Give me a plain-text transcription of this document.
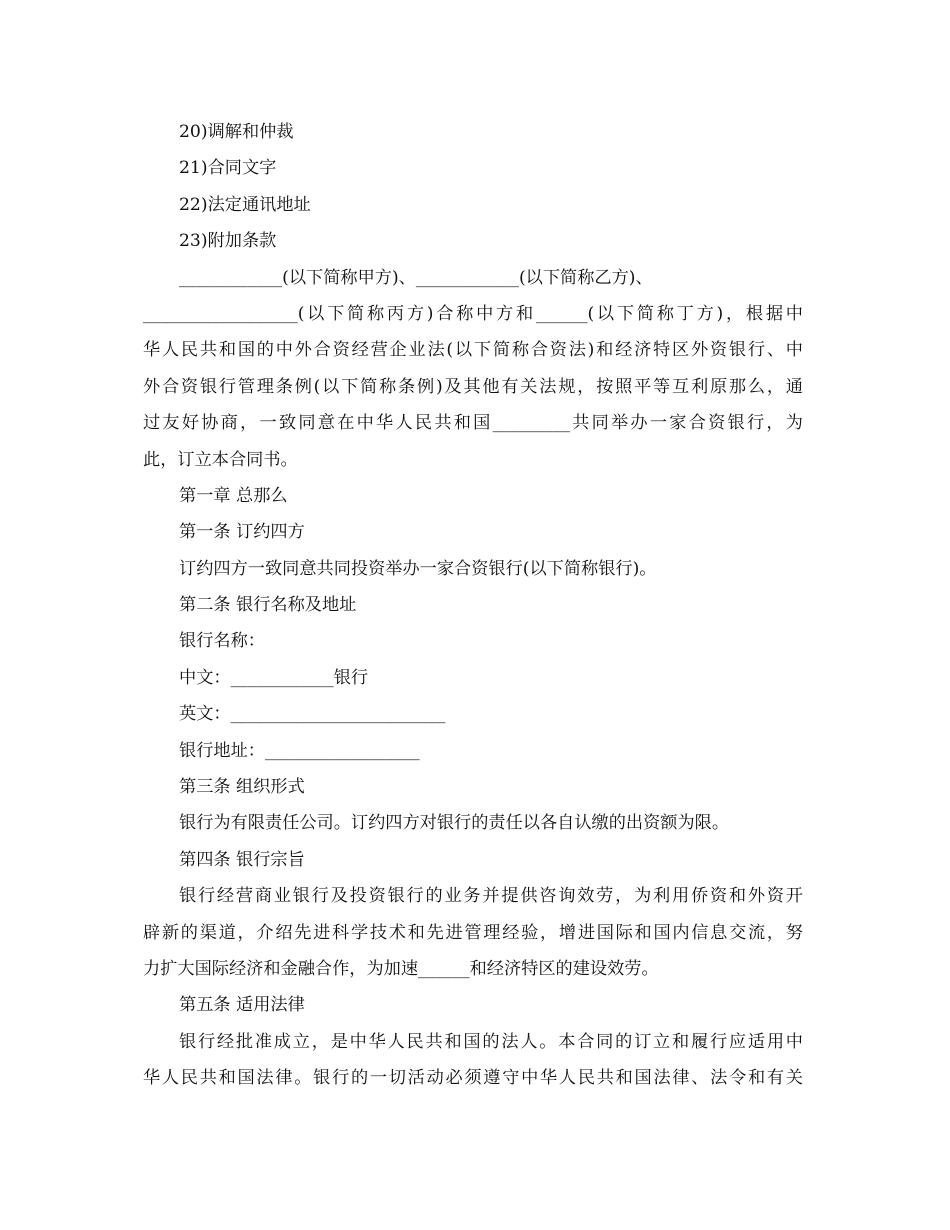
20)调解和仲裁
21)合同文字
22)法定通讯地址
23)附加条款
____________(以下简称甲方)、____________(以下简称乙方)、
__________________(以下简称丙方)合称中方和______(以下简称丁方)，根据中
华人民共和国的中外合资经营企业法(以下简称合资法)和经济特区外资银行、中
外合资银行管理条例(以下简称条例)及其他有关法规，按照平等互利原那么，通
过友好协商，一致同意在中华人民共和国_________共同举办一家合资银行，为
此，订立本合同书。
第一章 总那么
第一条 订约四方
订约四方一致同意共同投资举办一家合资银行(以下简称银行)。
第二条 银行名称及地址
银行名称：
中文：____________银行
英文：_________________________
银行地址：__________________
第三条 组织形式
银行为有限责任公司。订约四方对银行的责任以各自认缴的出资额为限。
第四条 银行宗旨
银行经营商业银行及投资银行的业务并提供咨询效劳，为利用侨资和外资开
辟新的渠道，介绍先进科学技术和先进管理经验，增进国际和国内信息交流，努
力扩大国际经济和金融合作，为加速______和经济特区的建设效劳。
第五条 适用法律
银行经批准成立，是中华人民共和国的法人。本合同的订立和履行应适用中
华人民共和国法律。银行的一切活动必须遵守中华人民共和国法律、法令和有关
